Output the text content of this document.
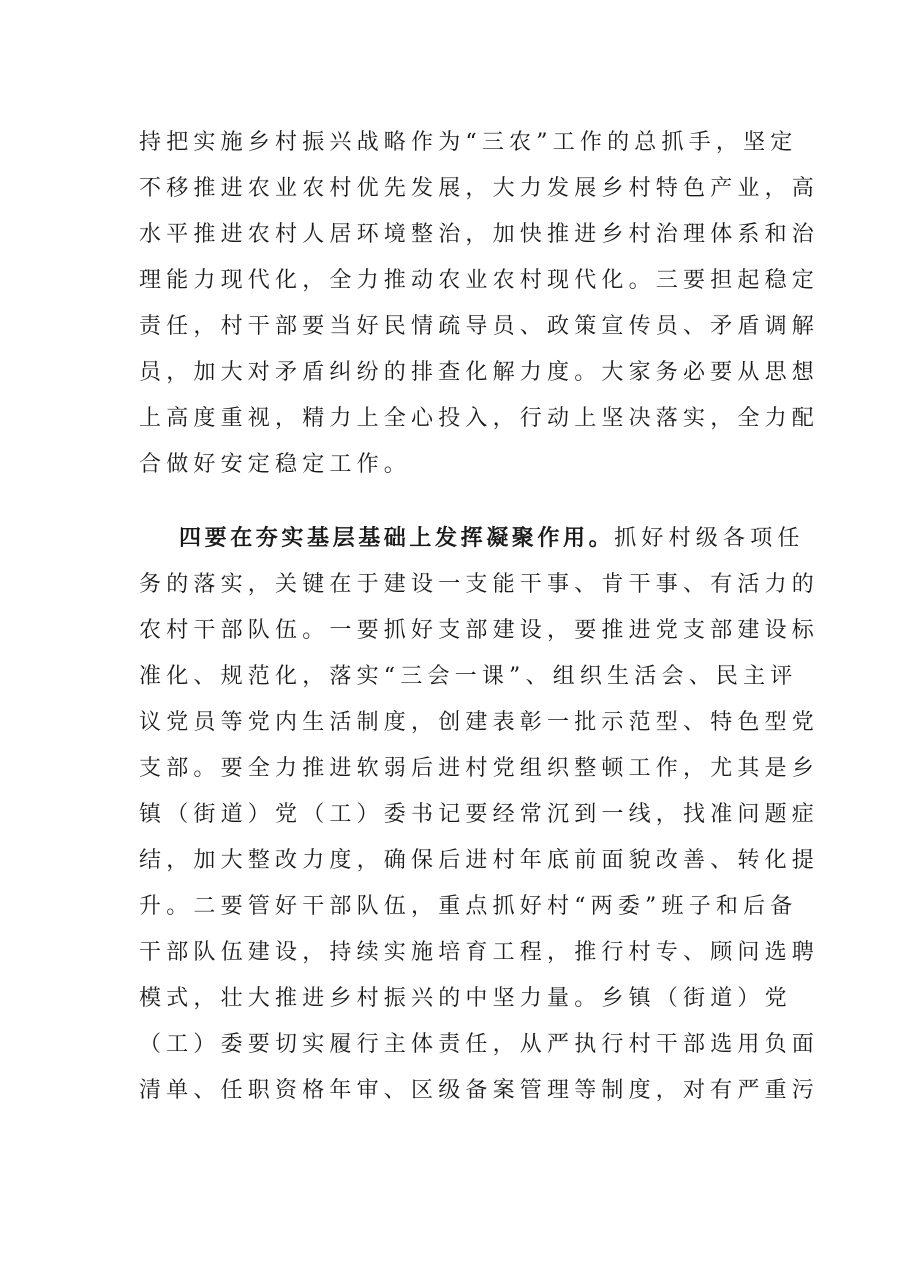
持把实施乡村振兴战略作为“三农”工作的总抓手，坚定
不移推进农业农村优先发展，大力发展乡村特色产业，高
水平推进农村人居环境整治，加快推进乡村治理体系和治
理能力现代化，全力推动农业农村现代化。三要担起稳定
责任，村干部要当好民情疏导员、政策宣传员、矛盾调解
员，加大对矛盾纠纷的排查化解力度。大家务必要从思想
上高度重视，精力上全心投入，行动上坚决落实，全力配
合做好安定稳定工作。
四要在夯实基层基础上发挥凝聚作用。抓好村级各项任
务的落实，关键在于建设一支能干事、肯干事、有活力的
农村干部队伍。一要抓好支部建设，要推进党支部建设标
准化、规范化，落实“三会一课”、组织生活会、民主评
议党员等党内生活制度，创建表彰一批示范型、特色型党
支部。要全力推进软弱后进村党组织整顿工作，尤其是乡
镇（街道）党（工）委书记要经常沉到一线，找准问题症
结，加大整改力度，确保后进村年底前面貌改善、转化提
升。二要管好干部队伍，重点抓好村“两委”班子和后备
干部队伍建设，持续实施培育工程，推行村专、顾问选聘
模式，壮大推进乡村振兴的中坚力量。乡镇（街道）党
（工）委要切实履行主体责任，从严执行村干部选用负面
清单、任职资格年审、区级备案管理等制度，对有严重污
